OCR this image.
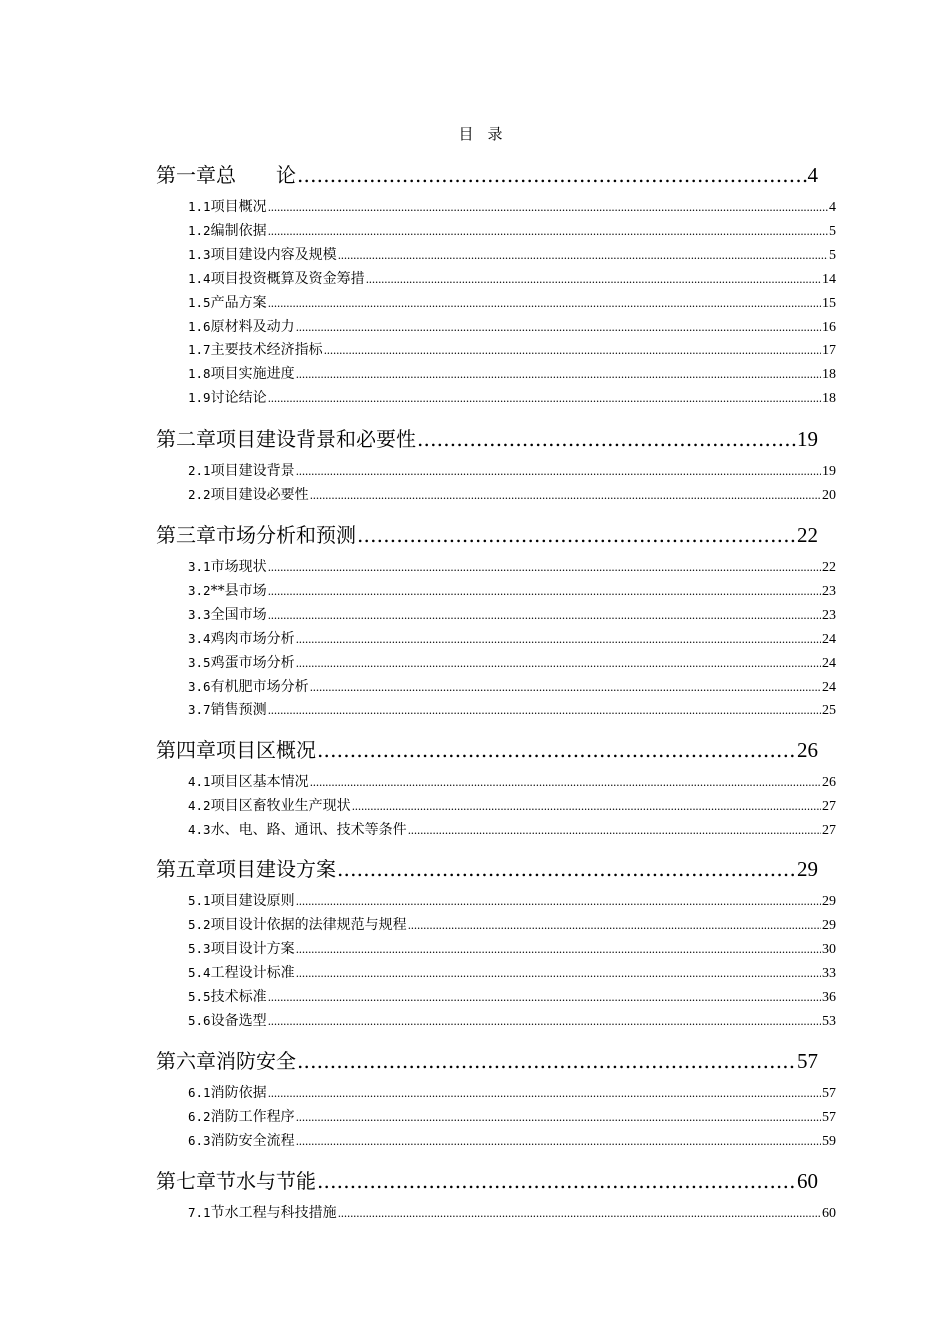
目录
第一章 总　　论 .....	4
1.1 项目概况 .....	4
1.2 编制依据 .....	5
1.3 项目建设内容及规模 .....	5
1.4 项目投资概算及资金筹措 .....	14
1.5 产品方案 .....	15
1.6 原材料及动力 .....	16
1.7 主要技术经济指标 .....	17
1.8 项目实施进度 .....	18
1.9 讨论结论 .....	18
第二章 项目建设背景和必要性 .....	19
2.1 项目建设背景 .....	19
2.2 项目建设必要性 .....	20
第三章 市场分析和预测 .....	22
3.1 市场现状 .....	22
3.2 **县市场 .....	23
3.3 全国市场 .....	23
3.4 鸡肉市场分析 .....	24
3.5 鸡蛋市场分析 .....	24
3.6 有机肥市场分析 .....	24
3.7 销售预测 .....	25
第四章 项目区概况 .....	26
4.1 项目区基本情况 .....	26
4.2 项目区畜牧业生产现状 .....	27
4.3 水、电、路、通讯、技术等条件 .....	27
第五章 项目建设方案 .....	29
5.1 项目建设原则 .....	29
5.2 项目设计依据的法律规范与规程 .....	29
5.3 项目设计方案 .....	30
5.4 工程设计标准 .....	33
5.5 技术标准 .....	36
5.6 设备选型 .....	53
第六章 消防安全 .....	57
6.1 消防依据 .....	57
6.2 消防工作程序 .....	57
6.3 消防安全流程 .....	59
第七章 节水与节能 .....	60
7.1 节水工程与科技措施 .....	60
